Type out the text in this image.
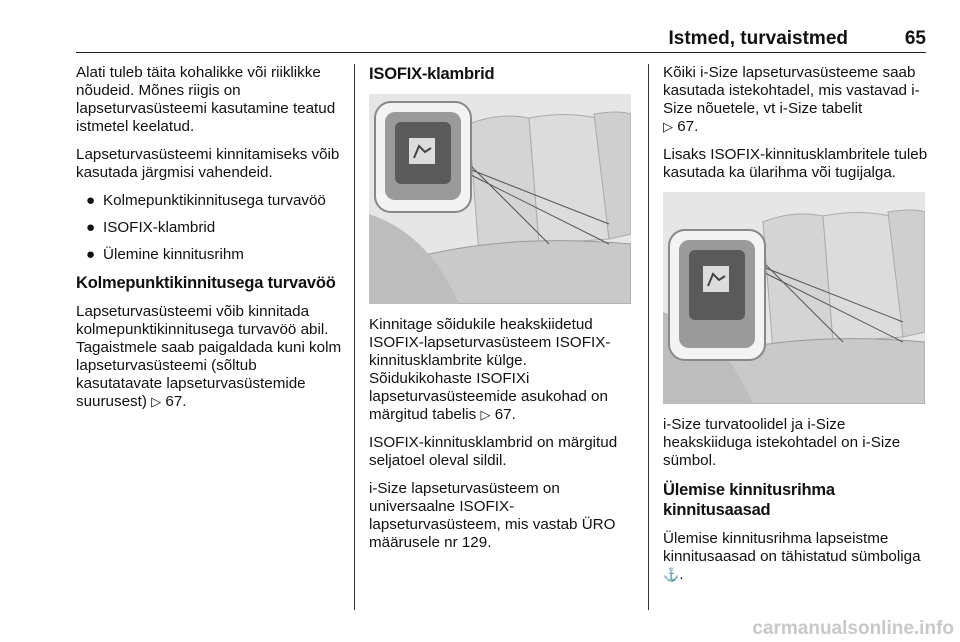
Istmed, turvaistmed	65

Alati tuleb täita kohalikke või riiklikke nõudeid. Mõnes riigis on lapseturvasüsteemi kasutamine teatud istmetel keelatud.

Lapseturvasüsteemi kinnitamiseks võib kasutada järgmisi vahendeid.

● Kolmepunktikinnitusega turvavöö
● ISOFIX-klambrid
● Ülemine kinnitusrihm
Kolmepunktikinnitusega turvavöö

Lapseturvasüsteemi võib kinnitada kolmepunktikinnitusega turvavöö abil. Tagaistmele saab paigaldada kuni kolm lapseturvasüsteemi (sõltub kasutatavate lapseturvasüstemide suurusest) ▷ 67.

ISOFIX-klambrid

Kinnitage sõidukile heakskiidetud ISOFIX-lapseturvasüsteem ISOFIX-kinnitusklambrite külge.

Sõidukikohaste ISOFIXi lapseturvasüsteemide asukohad on märgitud tabelis ▷ 67.

ISOFIX-kinnitusklambrid on märgitud seljatoel oleval sildil.

i-Size lapseturvasüsteem on universaalne ISOFIX-lapseturvasüsteem, mis vastab ÜRO määrusele nr 129.

Kõiki i-Size lapseturvasüsteeme saab kasutada istekohtadel, mis vastavad i-Size nõuetele, vt i-Size tabelit
▷ 67.

Lisaks ISOFIX-kinnitusklambritele tuleb kasutada ka ülarihma või tugijalga.

i-Size turvatoolidel ja i-Size heakskiiduga istekohtadel on i-Size sümbol.

Ülemise kinnitusrihma kinnitusaasad

Ülemise kinnitusrihma lapseistme kinnitusaasad on tähistatud sümboliga ⚓.

carmanualsonline.info
